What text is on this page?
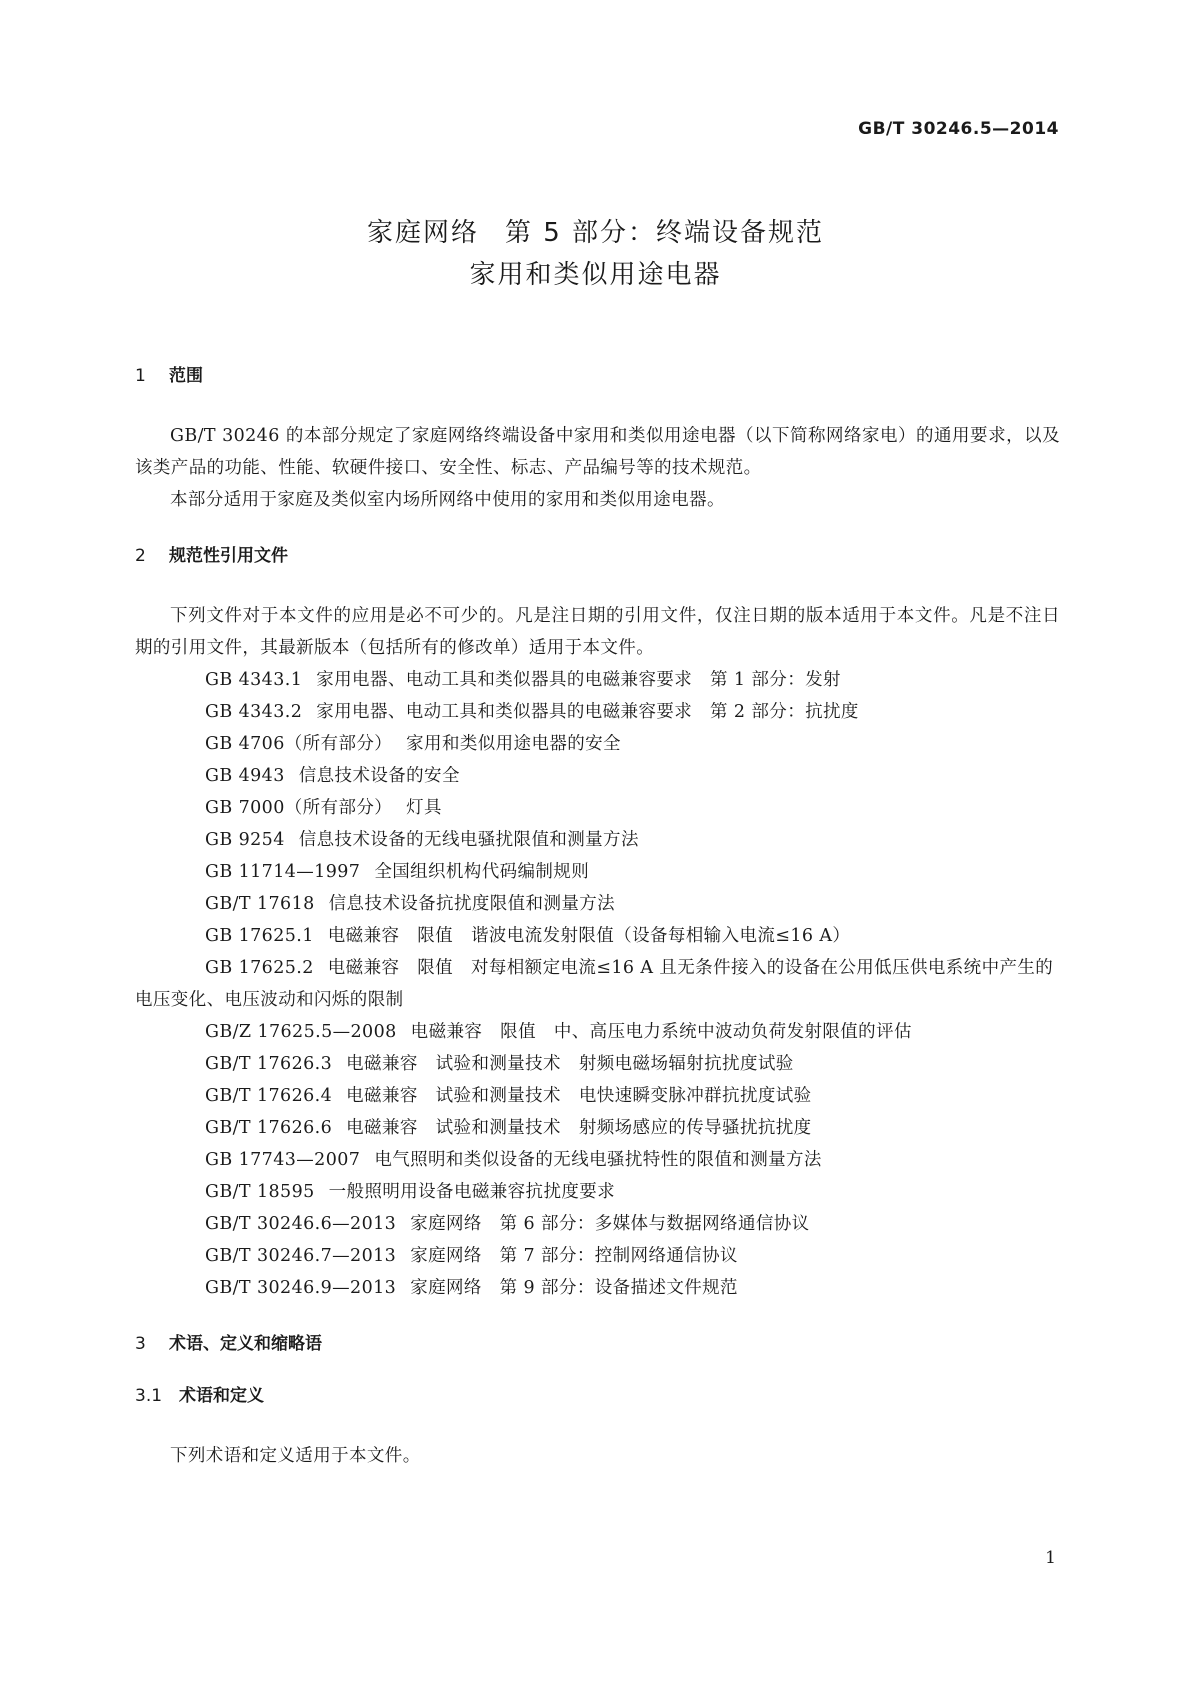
GB/T 30246.5—2014
家庭网络 第 5 部分：终端设备规范
家用和类似用途电器
1 范围

GB/T 30246 的本部分规定了家庭网络终端设备中家用和类似用途电器（以下简称网络家电）的通用要求，以及该类产品的功能、性能、软硬件接口、安全性、标志、产品编号等的技术规范。

本部分适用于家庭及类似室内场所网络中使用的家用和类似用途电器。

2 规范性引用文件

下列文件对于本文件的应用是必不可少的。凡是注日期的引用文件，仅注日期的版本适用于本文件。凡是不注日期的引用文件，其最新版本（包括所有的修改单）适用于本文件。

GB 4343.1 家用电器、电动工具和类似器具的电磁兼容要求　第 1 部分：发射

GB 4343.2 家用电器、电动工具和类似器具的电磁兼容要求　第 2 部分：抗扰度

GB 4706（所有部分） 家用和类似用途电器的安全

GB 4943 信息技术设备的安全

GB 7000（所有部分） 灯具

GB 9254 信息技术设备的无线电骚扰限值和测量方法

GB 11714—1997 全国组织机构代码编制规则

GB/T 17618 信息技术设备抗扰度限值和测量方法

GB 17625.1 电磁兼容　限值　谐波电流发射限值（设备每相输入电流≤16 A）

GB 17625.2 电磁兼容　限值　对每相额定电流≤16 A 且无条件接入的设备在公用低压供电系统中产生的电压变化、电压波动和闪烁的限制

GB/Z 17625.5—2008 电磁兼容　限值　中、高压电力系统中波动负荷发射限值的评估

GB/T 17626.3 电磁兼容　试验和测量技术　射频电磁场辐射抗扰度试验

GB/T 17626.4 电磁兼容　试验和测量技术　电快速瞬变脉冲群抗扰度试验

GB/T 17626.6 电磁兼容　试验和测量技术　射频场感应的传导骚扰抗扰度

GB 17743—2007 电气照明和类似设备的无线电骚扰特性的限值和测量方法

GB/T 18595 一般照明用设备电磁兼容抗扰度要求

GB/T 30246.6—2013 家庭网络　第 6 部分：多媒体与数据网络通信协议

GB/T 30246.7—2013 家庭网络　第 7 部分：控制网络通信协议

GB/T 30246.9—2013 家庭网络　第 9 部分：设备描述文件规范

3 术语、定义和缩略语
3.1 术语和定义

下列术语和定义适用于本文件。

1
